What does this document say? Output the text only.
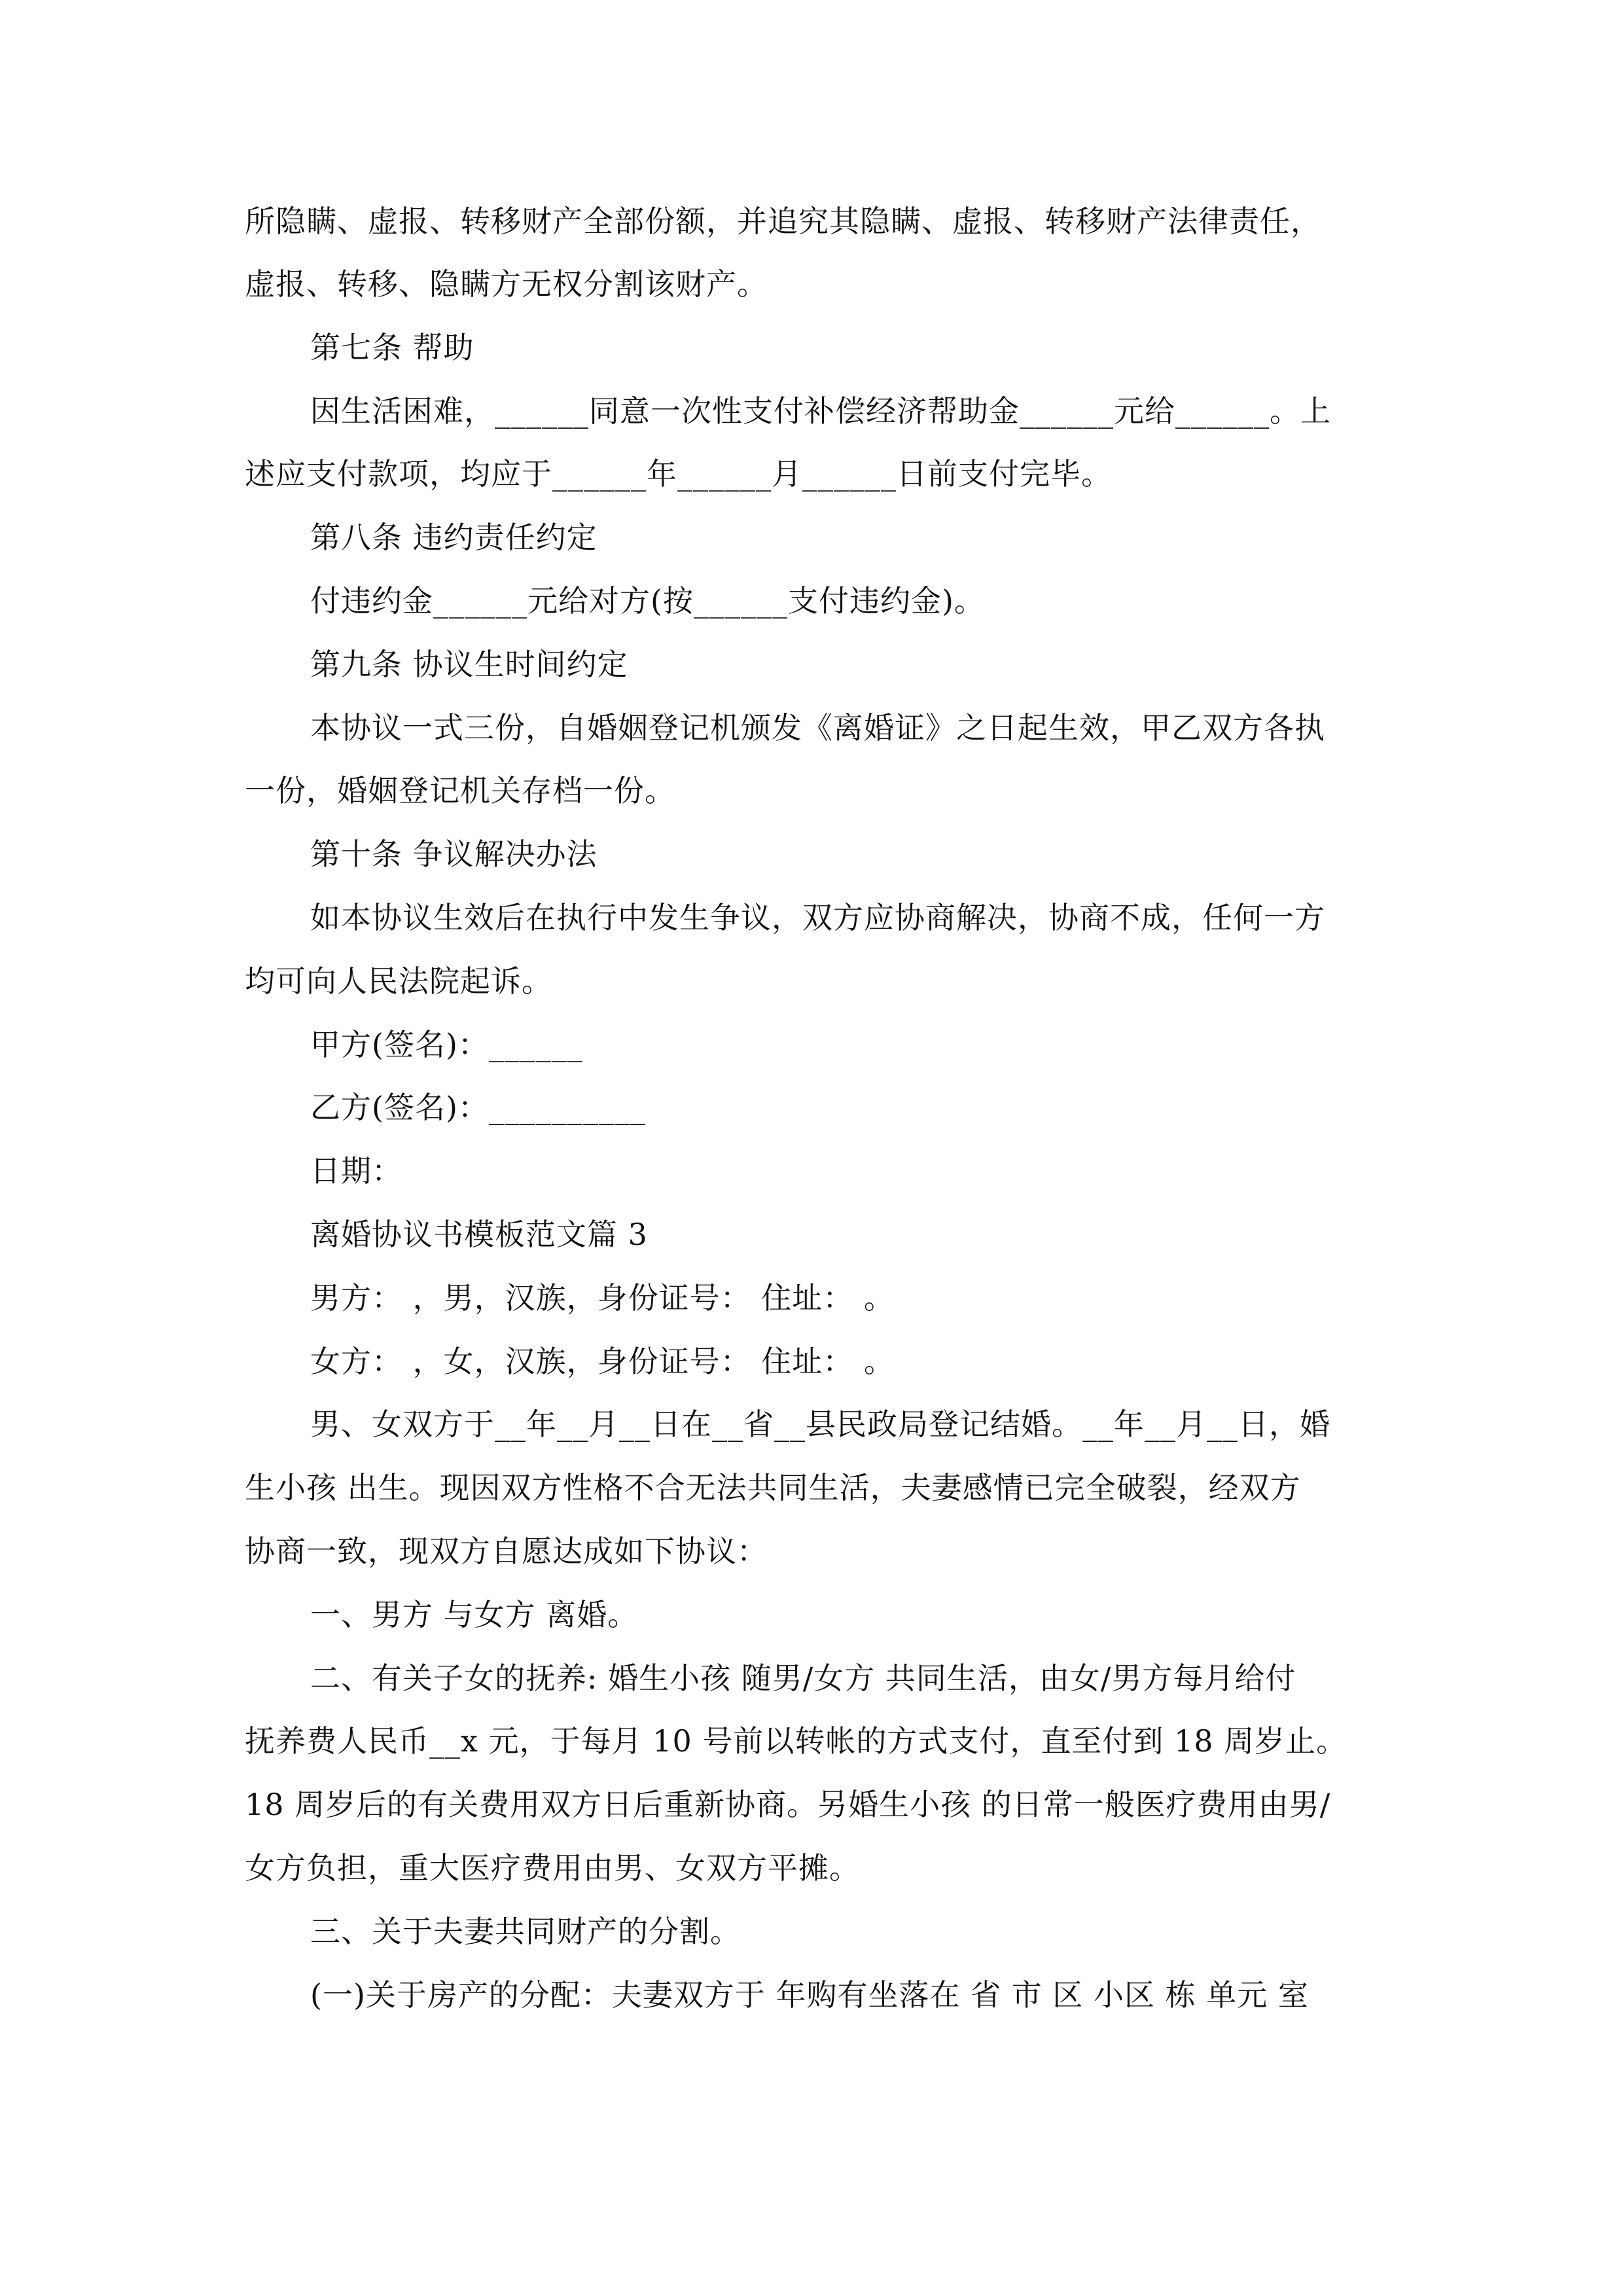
所隐瞒、虚报、转移财产全部份额，并追究其隐瞒、虚报、转移财产法律责任，
虚报、转移、隐瞒方无权分割该财产。
第七条 帮助
因生活困难，______同意一次性支付补偿经济帮助金______元给______。上
述应支付款项，均应于______年______月______日前支付完毕。
第八条 违约责任约定
付违约金______元给对方(按______支付违约金)。
第九条 协议生时间约定
本协议一式三份，自婚姻登记机颁发《离婚证》之日起生效，甲乙双方各执
一份，婚姻登记机关存档一份。
第十条 争议解决办法
如本协议生效后在执行中发生争议，双方应协商解决，协商不成，任何一方
均可向人民法院起诉。
甲方(签名)：______
乙方(签名)：__________
日期：
离婚协议书模板范文篇 3
男方： ，男，汉族，身份证号： 住址： 。
女方： ，女，汉族，身份证号： 住址： 。
男、女双方于__年__月__日在__省__县民政局登记结婚。__年__月__日，婚
生小孩 出生。现因双方性格不合无法共同生活，夫妻感情已完全破裂，经双方
协商一致，现双方自愿达成如下协议：
一、男方 与女方 离婚。
二、有关子女的抚养: 婚生小孩 随男/女方 共同生活，由女/男方每月给付
抚养费人民币__x 元，于每月 10 号前以转帐的方式支付，直至付到 18 周岁止。
18 周岁后的有关费用双方日后重新协商。另婚生小孩 的日常一般医疗费用由男/
女方负担，重大医疗费用由男、女双方平摊。
三、关于夫妻共同财产的分割。
(一)关于房产的分配：夫妻双方于 年购有坐落在 省 市 区 小区 栋 单元 室
